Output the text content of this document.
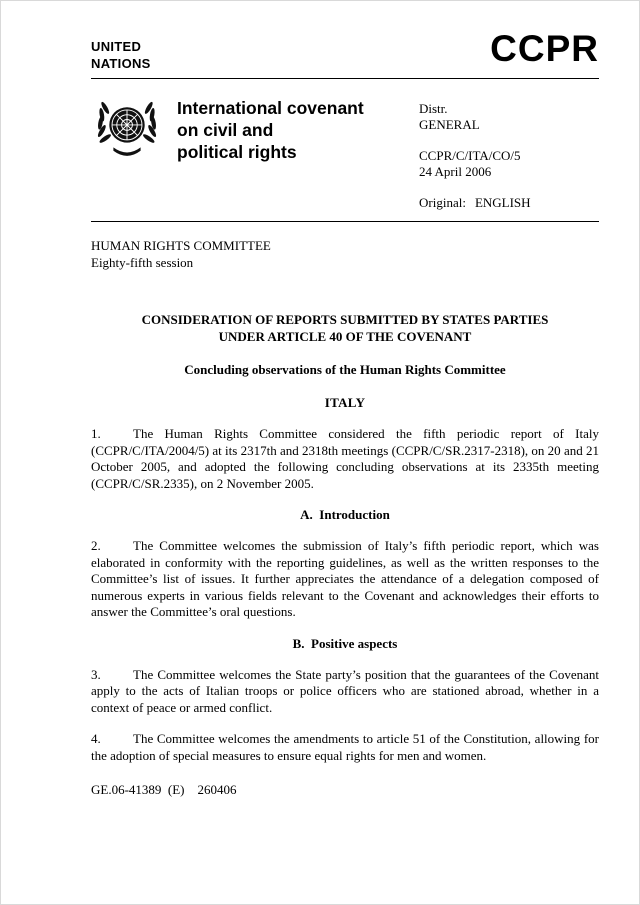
UNITED
NATIONS	CCPR
International covenant
on civil and
political rights
Distr.
GENERAL
CCPR/C/ITA/CO/5
24 April 2006
Original: ENGLISH
HUMAN RIGHTS COMMITTEE
Eighty-fifth session
CONSIDERATION OF REPORTS SUBMITTED BY STATES PARTIES
UNDER ARTICLE 40 OF THE COVENANT
Concluding observations of the Human Rights Committee
ITALY

1. The Human Rights Committee considered the fifth periodic report of Italy (CCPR/C/ITA/2004/5) at its 2317th and 2318th meetings (CCPR/C/SR.2317-2318), on 20 and 21 October 2005, and adopted the following concluding observations at its 2335th meeting (CCPR/C/SR.2335), on 2 November 2005.

A.  Introduction

2. The Committee welcomes the submission of Italy’s fifth periodic report, which was elaborated in conformity with the reporting guidelines, as well as the written responses to the Committee’s list of issues. It further appreciates the attendance of a delegation composed of numerous experts in various fields relevant to the Covenant and acknowledges their efforts to answer the Committee’s oral questions.

B.  Positive aspects

3. The Committee welcomes the State party’s position that the guarantees of the Covenant apply to the acts of Italian troops or police officers who are stationed abroad, whether in a context of peace or armed conflict.

4. The Committee welcomes the amendments to article 51 of the Constitution, allowing for the adoption of special measures to ensure equal rights for men and women.

GE.06-41389  (E)    260406
